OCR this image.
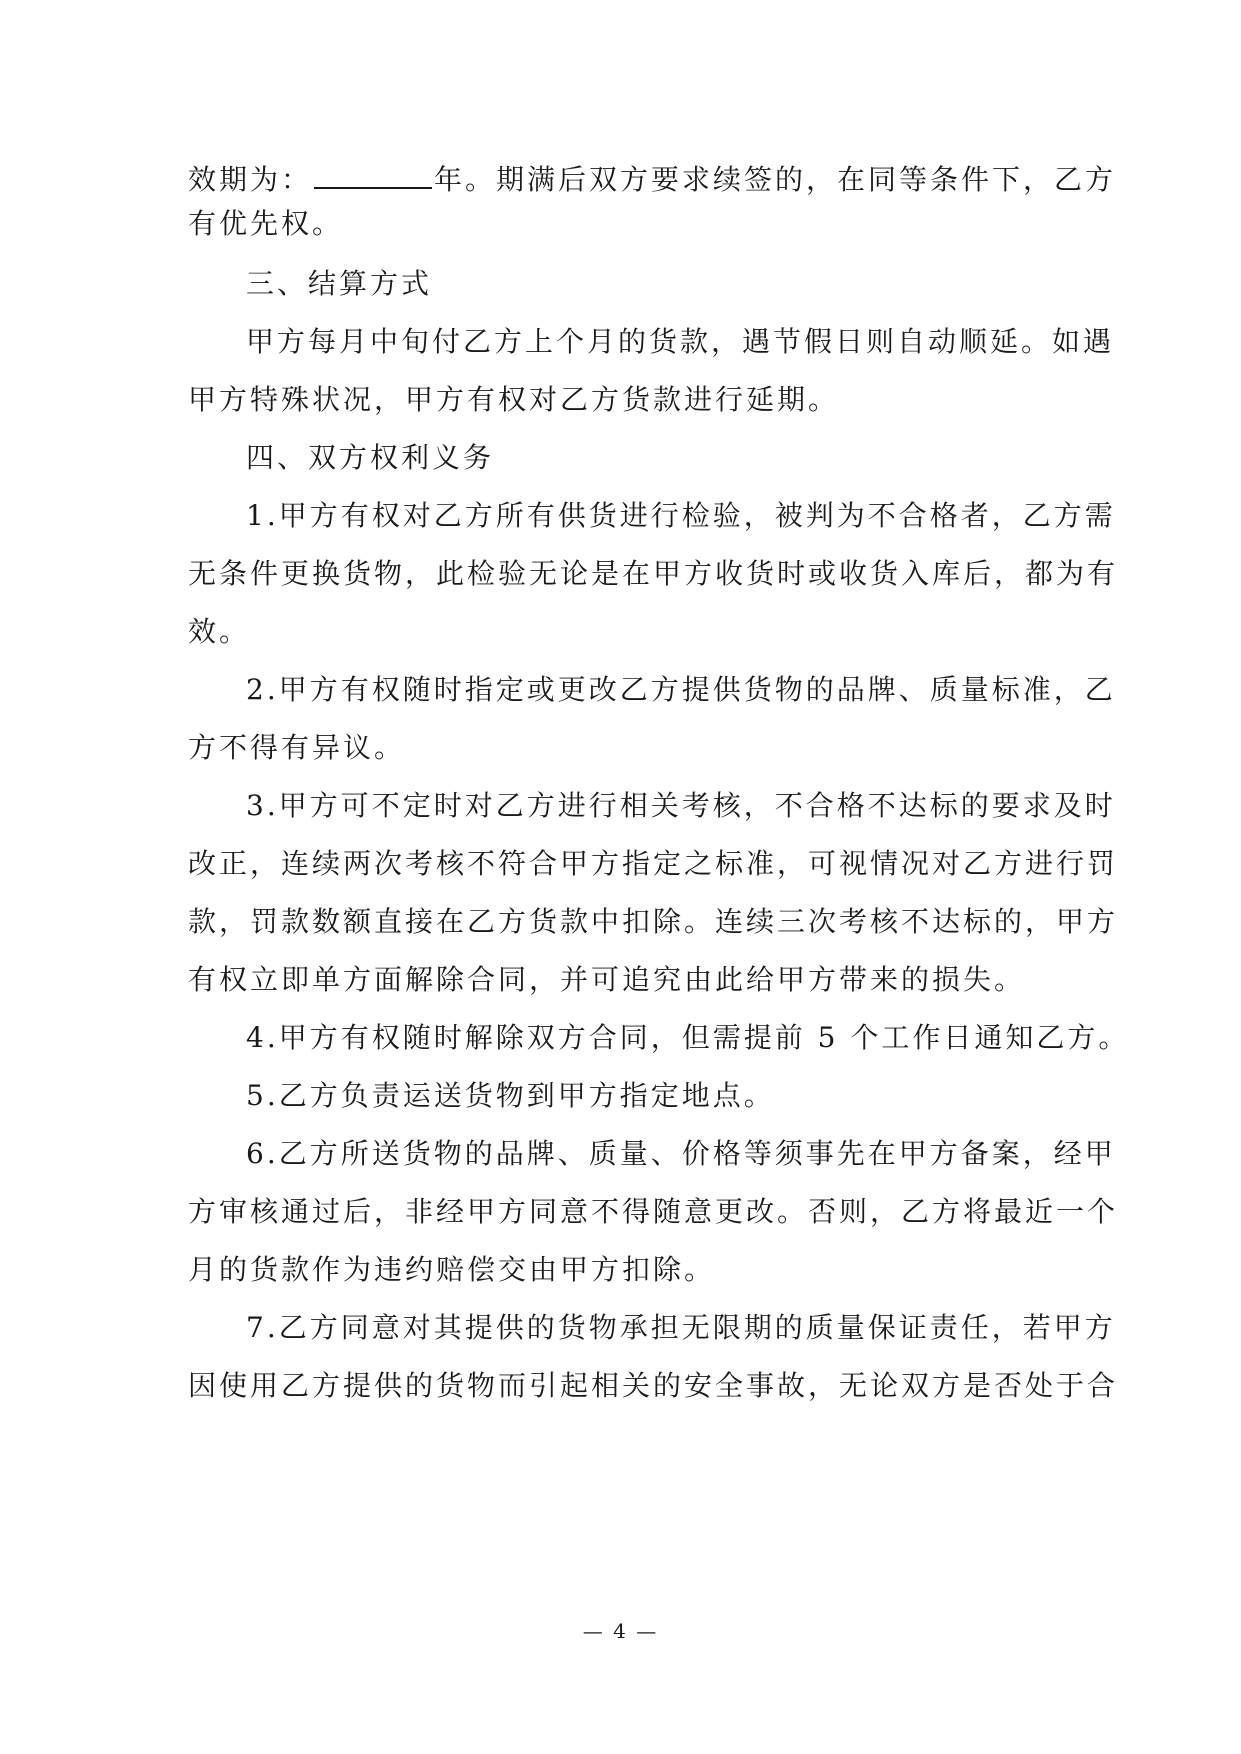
效期为：	年。期满后双方要求续签的，在同等条件下，乙方
有优先权。
三、结算方式
甲方每月中旬付乙方上个月的货款，遇节假日则自动顺延。如遇
甲方特殊状况，甲方有权对乙方货款进行延期。
四、双方权利义务
1.甲方有权对乙方所有供货进行检验，被判为不合格者，乙方需
无条件更换货物，此检验无论是在甲方收货时或收货入库后，都为有
效。
2.甲方有权随时指定或更改乙方提供货物的品牌、质量标准，乙
方不得有异议。
3.甲方可不定时对乙方进行相关考核，不合格不达标的要求及时
改正，连续两次考核不符合甲方指定之标准，可视情况对乙方进行罚
款，罚款数额直接在乙方货款中扣除。连续三次考核不达标的，甲方
有权立即单方面解除合同，并可追究由此给甲方带来的损失。
4.甲方有权随时解除双方合同，但需提前 5 个工作日通知乙方。
5.乙方负责运送货物到甲方指定地点。
6.乙方所送货物的品牌、质量、价格等须事先在甲方备案，经甲
方审核通过后，非经甲方同意不得随意更改。否则，乙方将最近一个
月的货款作为违约赔偿交由甲方扣除。
7.乙方同意对其提供的货物承担无限期的质量保证责任，若甲方
因使用乙方提供的货物而引起相关的安全事故，无论双方是否处于合
— 4 —
